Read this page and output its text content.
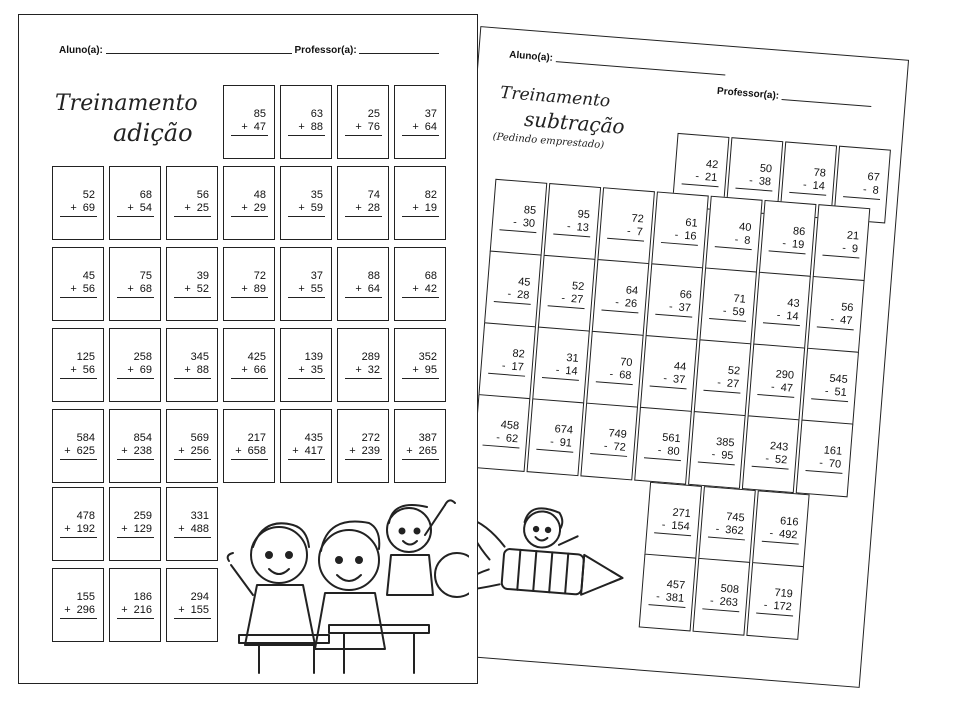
Aluno(a):	Professor(a):
Treinamento
adição
85
+ 47
63
+ 88
25
+ 76
37
+ 64
52
+ 69
68
+ 54
56
+ 25
48
+ 29
35
+ 59
74
+ 28
82
+ 19
45
+ 56
75
+ 68
39
+ 52
72
+ 89
37
+ 55
88
+ 64
68
+ 42
125
+ 56
258
+ 69
345
+ 88
425
+ 66
139
+ 35
289
+ 32
352
+ 95
584
+ 625
854
+ 238
569
+ 256
217
+ 658
435
+ 417
272
+ 239
387
+ 265
478
+ 192
259
+ 129
331
+ 488
155
+ 296
186
+ 216
294
+ 155
Aluno(a):
Professor(a):
Treinamento
subtração
(Pedindo emprestado)
42
- 21
50
- 38
78
- 14
67
- 8
85
- 30
95
- 13
72
- 7
61
- 16
40
- 8
86
- 19
21
- 9
45
- 28
52
- 27
64
- 26
66
- 37
71
- 59
43
- 14
56
- 47
82
- 17
31
- 14
70
- 68
44
- 37
52
- 27
290
- 47
545
- 51
458
- 62
674
- 91
749
- 72
561
- 80
385
- 95
243
- 52
161
- 70
271
- 154
745
- 362
616
- 492
457
- 381
508
- 263
719
- 172
